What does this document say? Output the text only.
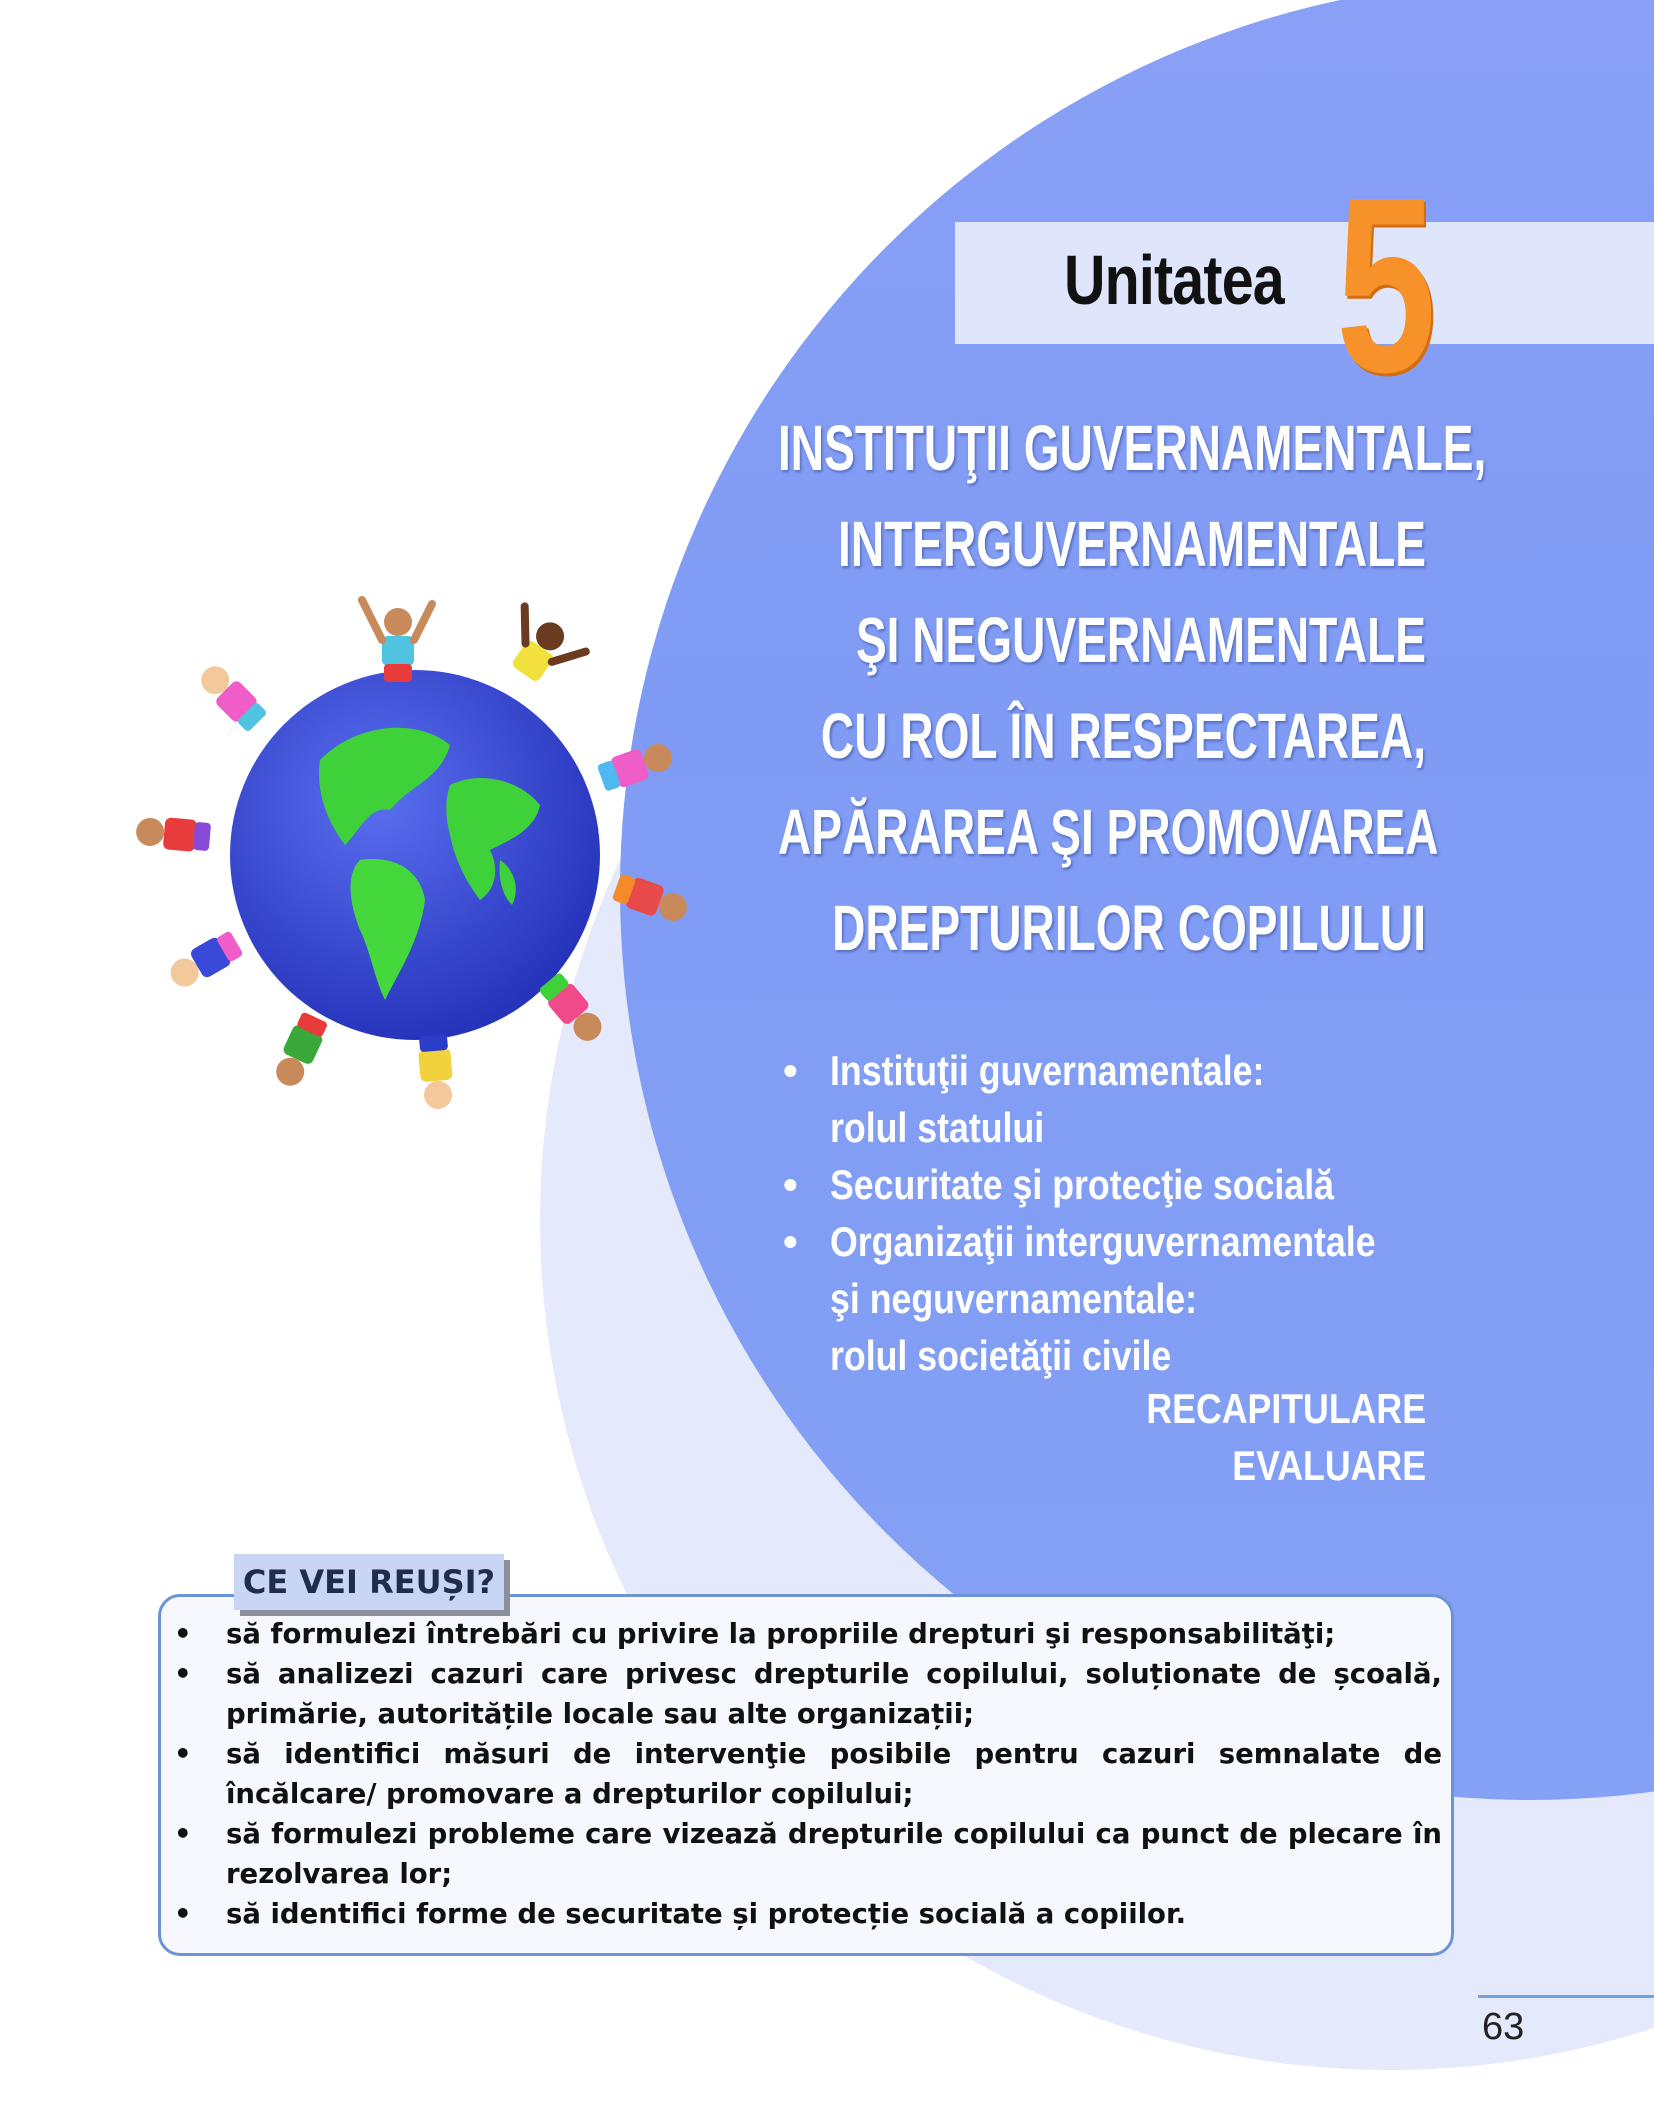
Unitatea 5
INSTITUŢII GUVERNAMENTALE,
INTERGUVERNAMENTALE
ŞI NEGUVERNAMENTALE
CU ROL ÎN RESPECTAREA,
APĂRAREA ŞI PROMOVAREA
DREPTURILOR COPILULUI
• Instituţii guvernamentale:
rolul statului
• Securitate şi protecţie socială
• Organizaţii interguvernamentale
şi neguvernamentale:
rolul societăţii civile
RECAPITULARE
EVALUARE
CE VEI REUȘI?
• să formulezi întrebări cu privire la propriile drepturi şi responsabilităţi;
• să analizezi cazuri care privesc drepturile copilului, soluționate de școală, primărie, autoritățile locale sau alte organizații;
• să identifici măsuri de intervenţie posibile pentru cazuri semnalate de încălcare/ promovare a drepturilor copilului;
• să formulezi probleme care vizează drepturile copilului ca punct de plecare în rezolvarea lor;
• să identifici forme de securitate și protecție socială a copiilor.
63
